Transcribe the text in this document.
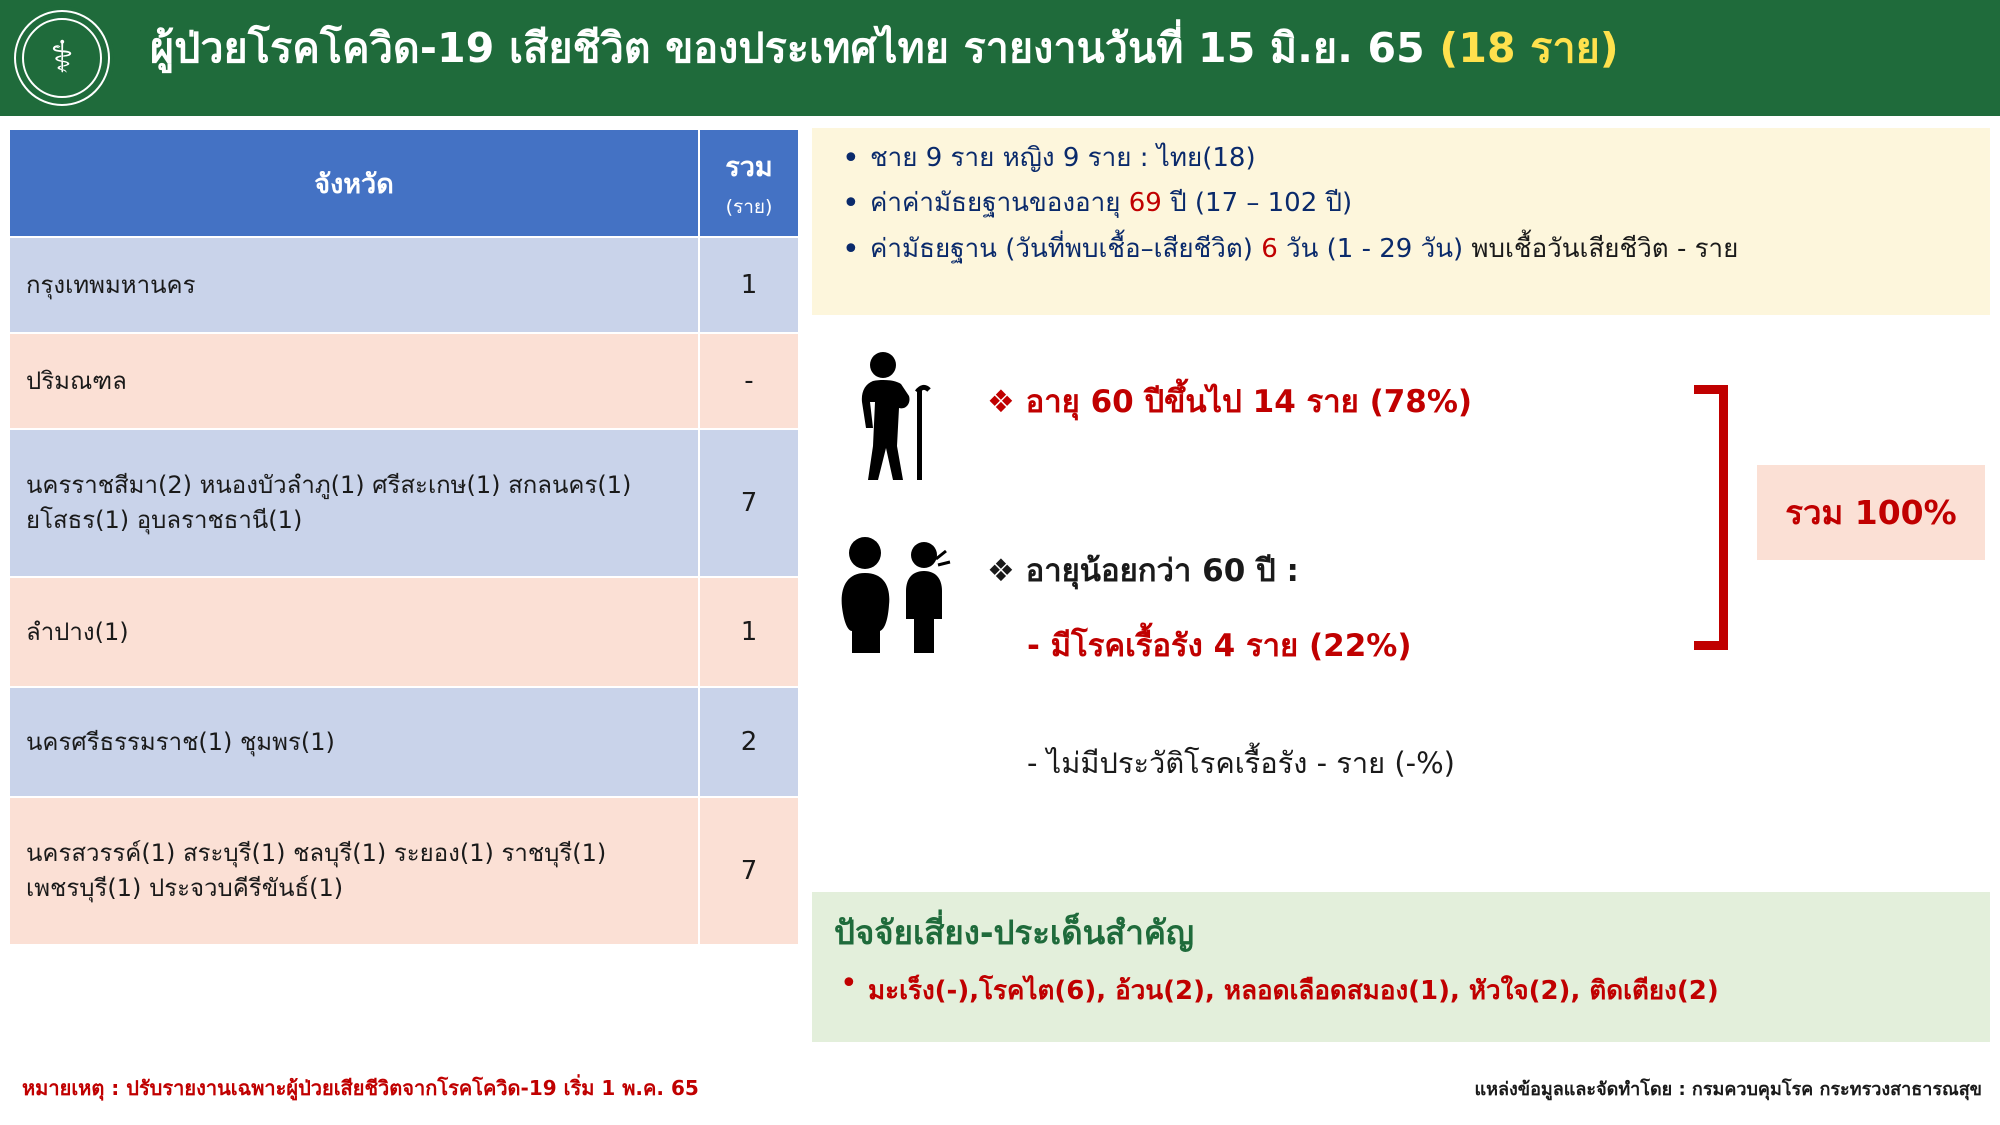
⚕ ผู้ป่วยโรคโควิด-19 เสียชีวิต ของประเทศไทย รายงานวันที่ 15 มิ.ย. 65 (18 ราย)
จังหวัด	รวม
(ราย)

กรุงเทพมหานคร	1
ปริมณฑล	-
นครราชสีมา(2) หนองบัวลำภู(1) ศรีสะเกษ(1) สกลนคร(1) ยโสธร(1) อุบลราชธานี(1)	7
ลำปาง(1)	1
นครศรีธรรมราช(1) ชุมพร(1)	2
นครสวรรค์(1) สระบุรี(1) ชลบุรี(1) ระยอง(1) ราชบุรี(1) เพชรบุรี(1) ประจวบคีรีขันธ์(1)	7
• ชาย 9 ราย หญิง 9 ราย : ไทย(18)
• ค่าค่ามัธยฐานของอายุ 69 ปี (17 – 102 ปี)
• ค่ามัธยฐาน (วันที่พบเชื้อ–เสียชีวิต) 6 วัน (1 - 29 วัน) พบเชื้อวันเสียชีวิต - ราย
❖ อายุ 60 ปีขึ้นไป 14 ราย (78%)
❖ อายุน้อยกว่า 60 ปี :
- มีโรคเรื้อรัง 4 ราย (22%)
- ไม่มีประวัติโรคเรื้อรัง - ราย (-%)
รวม 100%
ปัจจัยเสี่ยง-ประเด็นสำคัญ
• มะเร็ง(-),โรคไต(6), อ้วน(2), หลอดเลือดสมอง(1), หัวใจ(2), ติดเตียง(2)
หมายเหตุ : ปรับรายงานเฉพาะผู้ป่วยเสียชีวิตจากโรคโควิด-19 เริ่ม 1 พ.ค. 65	แหล่งข้อมูลและจัดทำโดย : กรมควบคุมโรค กระทรวงสาธารณสุข
